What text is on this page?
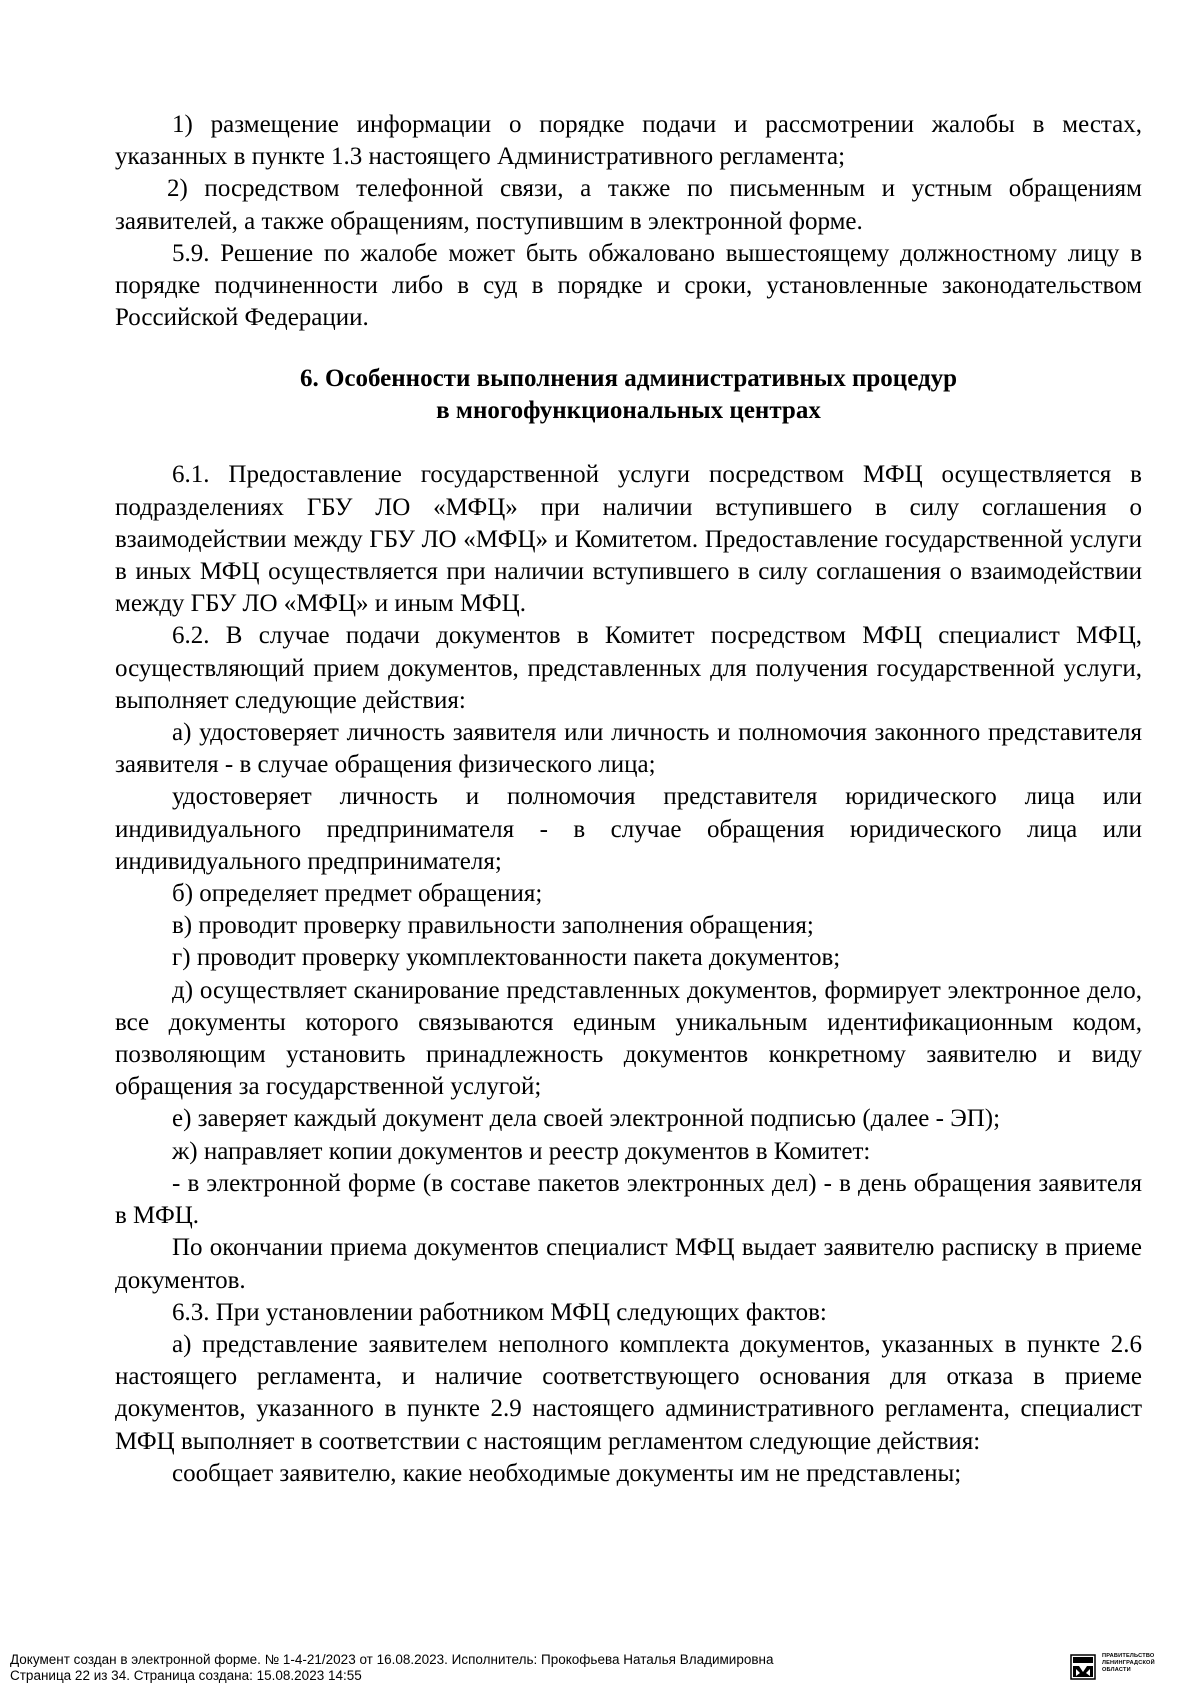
1) размещение информации о порядке подачи и рассмотрении жалобы в местах, указанных в пункте 1.3 настоящего Административного регламента;

2) посредством телефонной связи, а также по письменным и устным обращениям заявителей, а также обращениям, поступившим в электронной форме.

5.9. Решение по жалобе может быть обжаловано вышестоящему должностному лицу в порядке подчиненности либо в суд в порядке и сроки, установленные законодательством Российской Федерации.

6. Особенности выполнения административных процедур

в многофункциональных центрах

6.1. Предоставление государственной услуги посредством МФЦ осуществляется в подразделениях ГБУ ЛО «МФЦ» при наличии вступившего в силу соглашения о взаимодействии между ГБУ ЛО «МФЦ» и Комитетом. Предоставление государственной услуги в иных МФЦ осуществляется при наличии вступившего в силу соглашения о взаимодействии между ГБУ ЛО «МФЦ» и иным МФЦ.

6.2. В случае подачи документов в Комитет посредством МФЦ специалист МФЦ, осуществляющий прием документов, представленных для получения государственной услуги, выполняет следующие действия:

а) удостоверяет личность заявителя или личность и полномочия законного представителя заявителя - в случае обращения физического лица;

удостоверяет личность и полномочия представителя юридического лица или индивидуального предпринимателя - в случае обращения юридического лица или индивидуального предпринимателя;

б) определяет предмет обращения;

в) проводит проверку правильности заполнения обращения;

г) проводит проверку укомплектованности пакета документов;

д) осуществляет сканирование представленных документов, формирует электронное дело, все документы которого связываются единым уникальным идентификационным кодом, позволяющим установить принадлежность документов конкретному заявителю и виду обращения за государственной услугой;

е) заверяет каждый документ дела своей электронной подписью (далее - ЭП);

ж) направляет копии документов и реестр документов в Комитет:

- в электронной форме (в составе пакетов электронных дел) - в день обращения заявителя в МФЦ.

По окончании приема документов специалист МФЦ выдает заявителю расписку в приеме документов.

6.3. При установлении работником МФЦ следующих фактов:

а) представление заявителем неполного комплекта документов, указанных в пункте 2.6 настоящего регламента, и наличие соответствующего основания для отказа в приеме документов, указанного в пункте 2.9 настоящего административного регламента, специалист МФЦ выполняет в соответствии с настоящим регламентом следующие действия:

сообщает заявителю, какие необходимые документы им не представлены;

Документ создан в электронной форме. № 1-4-21/2023 от 16.08.2023. Исполнитель: Прокофьева Наталья Владимировна
Страница 22 из 34. Страница создана: 15.08.2023 14:55
ПРАВИТЕЛЬСТВО
ЛЕНИНГРАДСКОЙ
ОБЛАСТИ
